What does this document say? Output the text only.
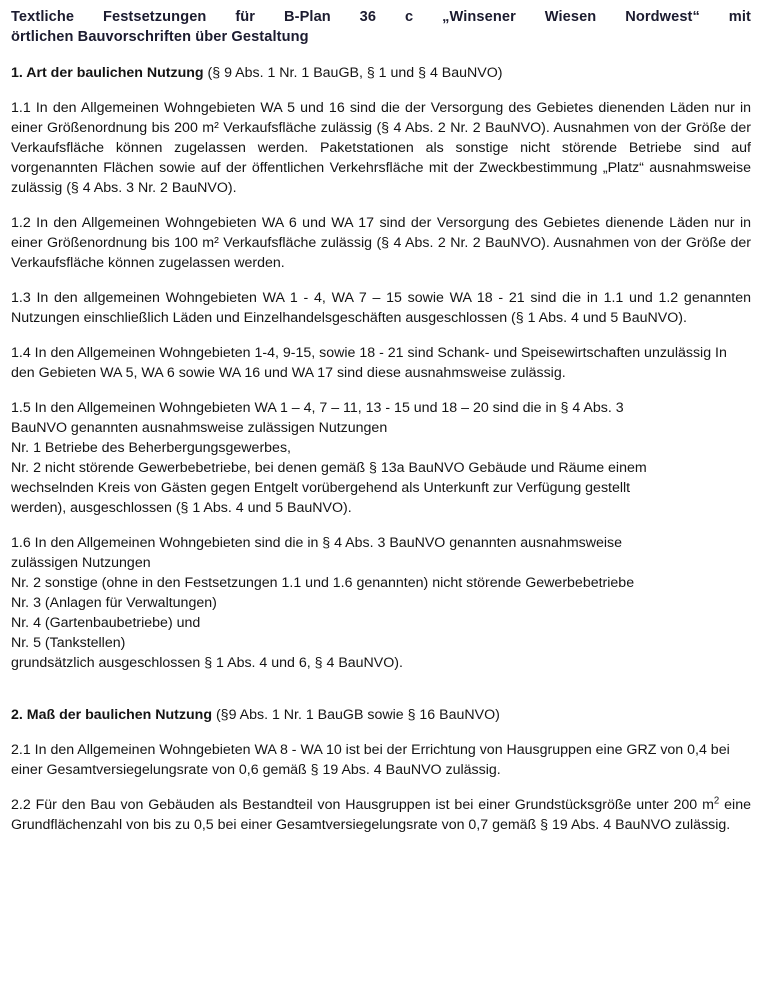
Textliche Festsetzungen für B-Plan 36 c „Winsener Wiesen Nordwest“ mit
örtlichen Bauvorschriften über Gestaltung
1. Art der baulichen Nutzung (§ 9 Abs. 1 Nr. 1 BauGB, § 1 und § 4 BauNVO)

1.1 In den Allgemeinen Wohngebieten WA 5 und 16 sind die der Versorgung des Gebietes dienenden Läden nur in einer Größenordnung bis 200 m² Verkaufsfläche zulässig (§ 4 Abs. 2 Nr. 2 BauNVO). Ausnahmen von der Größe der Verkaufsfläche können zugelassen werden. Paketstationen als sonstige nicht störende Betriebe sind auf vorgenannten Flächen sowie auf der öffentlichen Verkehrsfläche mit der Zweckbestimmung „Platz“ ausnahmsweise zulässig (§ 4 Abs. 3 Nr. 2 BauNVO).

1.2 In den Allgemeinen Wohngebieten WA 6 und WA 17 sind der Versorgung des Gebietes dienende Läden nur in einer Größenordnung bis 100 m² Verkaufsfläche zulässig (§ 4 Abs. 2 Nr. 2 BauNVO). Ausnahmen von der Größe der Verkaufsfläche können zugelassen werden.

1.3 In den allgemeinen Wohngebieten WA 1 - 4, WA 7 – 15 sowie WA 18 - 21 sind die in 1.1 und 1.2 genannten Nutzungen einschließlich Läden und Einzelhandelsgeschäften ausgeschlossen (§ 1 Abs. 4 und 5 BauNVO).

1.4 In den Allgemeinen Wohngebieten 1-4, 9-15, sowie 18 - 21 sind Schank- und Speisewirtschaften unzulässig In den Gebieten WA 5, WA 6 sowie WA 16 und WA 17 sind diese ausnahmsweise zulässig.

1.5 In den Allgemeinen Wohngebieten WA 1 – 4, 7 – 11, 13 - 15 und 18 – 20 sind die in § 4 Abs. 3
BauNVO genannten ausnahmsweise zulässigen Nutzungen
Nr. 1 Betriebe des Beherbergungsgewerbes,
Nr. 2 nicht störende Gewerbebetriebe, bei denen gemäß § 13a BauNVO Gebäude und Räume einem
wechselnden Kreis von Gästen gegen Entgelt vorübergehend als Unterkunft zur Verfügung gestellt
werden), ausgeschlossen (§ 1 Abs. 4 und 5 BauNVO).

1.6 In den Allgemeinen Wohngebieten sind die in § 4 Abs. 3 BauNVO genannten ausnahmsweise
zulässigen Nutzungen
Nr. 2 sonstige (ohne in den Festsetzungen 1.1 und 1.6 genannten) nicht störende Gewerbebetriebe
Nr. 3 (Anlagen für Verwaltungen)
Nr. 4 (Gartenbaubetriebe) und
Nr. 5 (Tankstellen)
grundsätzlich ausgeschlossen § 1 Abs. 4 und 6, § 4 BauNVO).

2. Maß der baulichen Nutzung (§9 Abs. 1 Nr. 1 BauGB sowie § 16 BauNVO)

2.1 In den Allgemeinen Wohngebieten WA 8 - WA 10 ist bei der Errichtung von Hausgruppen eine GRZ von 0,4 bei einer Gesamtversiegelungsrate von 0,6 gemäß § 19 Abs. 4 BauNVO zulässig.

2.2 Für den Bau von Gebäuden als Bestandteil von Hausgruppen ist bei einer Grundstücksgröße unter 200 $m^2$ eine Grundflächenzahl von bis zu 0,5 bei einer Gesamtversiegelungsrate von 0,7 gemäß § 19 Abs. 4 BauNVO zulässig.
